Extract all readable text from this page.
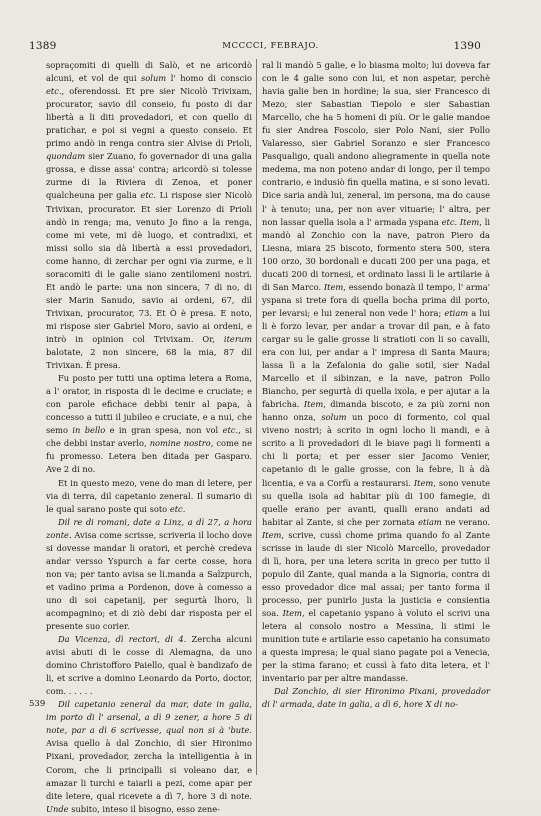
1389	MCCCCI, FEBRAJO.	1390

sopraçomiti di quelli di Salò, et ne aricordò alcuni, et vol de qui solum l' homo di conscio etc., oferendossi. Et pre sier Nicolò Trivixam, procurator, savio dil conseio, fu posto di dar libertà a li diti provedadori, et con quello di pratichar, e poi si vegni a questo conseio. Et primo andò in renga contra sier Alvise di Prioli, quondam sier Zuano, fo governador di una galia grossa, e disse assa' contra; aricordò si tolesse zurme di la Riviera di Zenoa, et poner qualcheuna per galia etc. Li rispose sier Nicolò Trivixan, procurator. Et sier Lorenzo di Prioli andò in renga; ma, venuto Jo fino a la renga, come mi vete, mi dè luogo, et contradixi, et missi sollo sia dà libertà a essi provedadori, come hanno, di zerchar per ogni via zurme, e li soracomiti di le galie siano zentilomeni nostri. Et andò le parte: una non sincera, 7 di no, di sier Marin Sanudo, savio ai ordeni, 67, dil Trivixan, procurator, 73. Et Ò è presa. E noto, mi rispose sier Gabriel Moro, savio ai ordeni, e intrò in opinion col Trivixam. Or, iterum balotate, 2 non sincere, 68 la mia, 87 dil Trivixan. È presa.

Fu posto per tutti una optima letera a Roma, a l' orator, in risposta di le decime e cruciate; e con parole efichace debbi tenir al papa, à concesso a tutti il jubileo e cruciate, e a nui, che semo in bello e in gran spesa, non vol etc., si che debbi instar averlo, nomine nostro, come ne fu promesso. Letera ben ditada per Gasparo. Ave 2 di no.

Et in questo mezo, vene do man di letere, per via di terra, dil capetanio zeneral. Il sumario di le qual sarano poste qui soto etc.

Dil re di romani, date a Linz, a dì 27, a hora zonte. Avisa come scrisse, scriveria il locho dove si dovesse mandar li oratori, et perchè credeva andar versso Yspurch a far certe cosse, hora non va; per tanto avisa se li.manda a Salzpurch, et vadino prima a Pordenon, dove à comesso a uno di soi capetanij, per segurtà lhoro, li acompagnino; et di ziò debi dar risposta per el presente suo corier.

Da Vicenza, dì rectori, di 4. Zercha alcuni avisi abuti di le cosse di Alemagna, da uno domino Christofforo Paiello, qual è bandizafo de li, et scrive a domino Leonardo da Porto, doctor, com. . . . . .

Dil capetanio zeneral da mar, date in galia, im porto di l' arsenal, a dì 9 zener, a hore 5 di note, par a dì 6 scrivesse, qual non si à 'bute. Avisa quello à dal Zonchio, di sier Hironimo Pixani, provedador, zercha la intelligentia à in Corom, che li principalli si voleano dar, e amazar li turchi e taiarli a pezi, come apar per dite letere, qual ricevete a dì 7, hore 3 di note. Unde subito, inteso il bisogno, esso zene-

ral li mandò 5 galie, e lo biasma molto; lui doveva far con le 4 galie sono con lui, et non aspetar, perchè havia galie ben in hordine; la sua, sier Francesco di Mezo, sier Sabastian Tiepolo e sier Sabastian Marcello, che ha 5 homeni di più. Or le galie mandoe fu sier Andrea Foscolo, sier Polo Nani, sier Pollo Valaresso, sier Gabriel Soranzo e sier Francesco Pasqualigo, quali andono aliegramente in quella note medema, ma non poteno andar di longo, per il tempo contrario, e indusiò fin quella matina, e si sono levati. Dice saria andà lui, zeneral, im persona, ma do cause l' à tenuto; una, per non aver vituarie; l' altra, per non lassar quella isola a l' armada yspana etc. Item, li mandò al Zonchio con la nave, patron Piero da Liesna, miara 25 biscoto, formento stera 500, stera 100 orzo, 30 bordonali e ducati 200 per una paga, et ducati 200 di tornesi, et ordinato lassi lì le artilarie à di San Marco. Item, essendo bonazà il tempo, l' arma' yspana si trete fora di quella bocha prima dil porto, per levarsi; e lui zeneral non vede l' hora; etiam a lui li è forzo levar, per andar a trovar dil pan, e à fato cargar su le galie grosse li stratioti con li so cavalli, era con lui, per andar a l' impresa di Santa Maura; lassa lì a la Zefalonia do galie sotil, sier Nadal Marcello et il sibinzan, e la nave, patron Pollo Biancho, per segurtà di quella ixola, e per ajutar a la fabricha. Item, dimanda biscoto, e za più zorni non hanno onza, solum un poco di formento, col qual viveno nostri; à scrito in ogni locho li mandi, e à scrito a li provedadori di le biave pagi li formenti a chi li porta; et per esser sier Jacomo Venier, capetanio di le galie grosse, con la febre, li à dà licentia, e va a Corfù a restaurarsi. Item, sono venute su quella isola ad habitar più di 100 famegie, di quelle erano per avanti, qualli erano andati ad habitar al Zante, si che per zornata etiam ne verano. Item, scrive, cussì chome prima quando fo al Zante scrisse in laude di sier Nicolò Marcello, provedador di lì, hora, per una letera scrita in greco per tutto il populo dil Zante, qual manda a la Signoria, contra di esso provedador dice mal assai; per tanto forma il processo, per punirlo justa la justicia e consientia soa. Item, el capetanio yspano à voluto el scrivi una letera al consolo nostro a Messina, li stimi le munition tute e artilarie esso capetanio ha consumato a questa impresa; le qual siano pagate poi a Venecia, per la stima farano; et cussì à fato dita letera, et l' inventario par per altre mandasse.

Dal Zonchio, di sier Hironimo Pixani, provedador di l' armada, date in galia, a dì 6, hore X di no-

539
